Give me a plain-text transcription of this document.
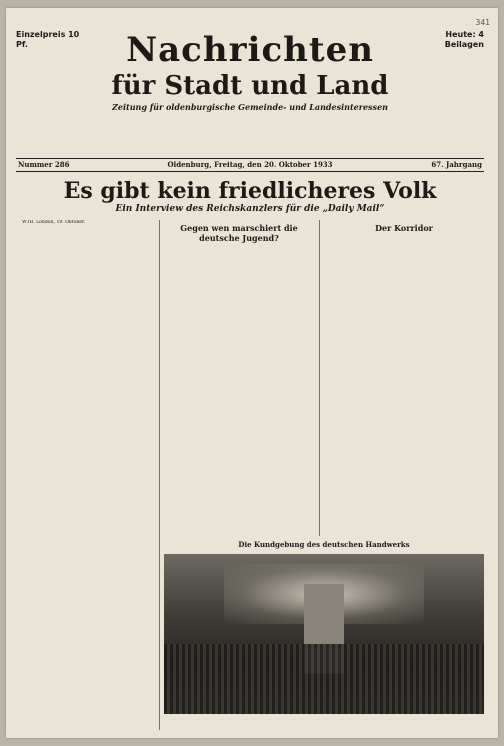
341
Einzelpreis 10 Pf.
Heute: 4 Beilagen
Nachrichten
für Stadt und Land
Zeitung für oldenburgische Gemeinde- und Landesinteressen
Nummer 286	Oldenburg, Freitag, den 20. Oktober 1933	67. Jahrgang
Es gibt kein friedlicheres Volk
Ein Interview des Reichskanzlers für die „Daily Mail“

WTB. London, 19. Oktober.

Gegen wen marschiert die deutsche Jugend?

Der Korridor

Die Kundgebung des deutschen Handwerks
